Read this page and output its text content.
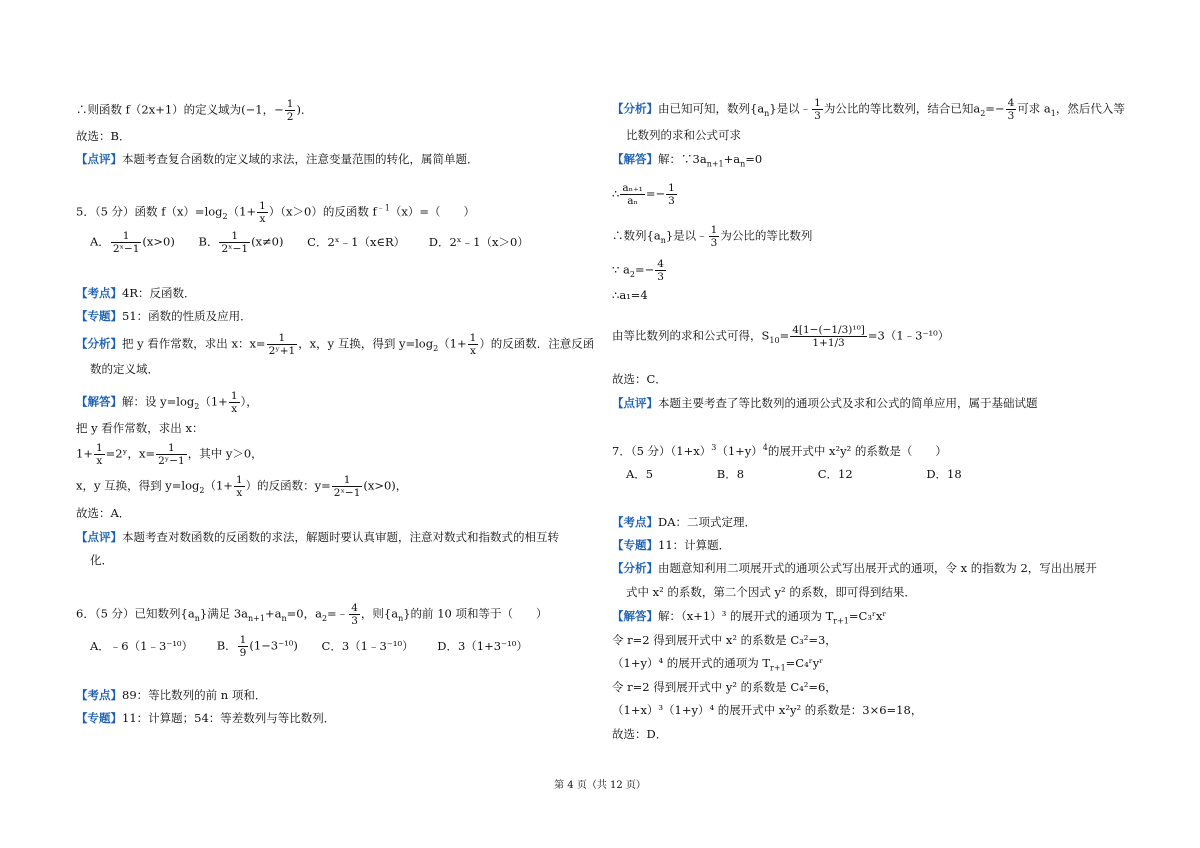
∴则函数 f（2x+1）的定义域为(−1，− $\frac{1}{2}$ )．
故选：B．
【点评】本题考查复合函数的定义域的求法，注意变量范围的转化，属简单题．
5．（5 分）函数 $f(x)=\log_2(1+ \frac{1}{x} )(x>0)$的反函数 $f^{﹣1}(x)=$（　　）
A． $\frac{1}{\text{2ˣ−1}} (x>0)$ B． $\frac{1}{\text{2ˣ−1}} (x\ne 0)$ C．2ˣ﹣1（x∈R） D．2ˣ﹣1（x＞0）
【考点】4R：反函数．
【专题】51：函数的性质及应用．
【分析】把 y 看作常数，求出 x：$x= \frac{1}{\text{2ʸ+1}}$ ，x，y 互换，得到 $y=\log_2(1+ \frac{1}{x}$ ）的反函数．注意反函
数的定义域．
【解答】解：设 $y=\log_2(1+ \frac{1}{x}$ ），
把 y 看作常数，求出 x：
$1+ \frac{1}{x}$ =2ʸ，$x= \frac{1}{\text{2ʸ−1}}$ ，其中 y＞0，
x，y 互换，得到 $y=\log_2(1+ \frac{1}{x}$ ）的反函数：$y= \frac{1}{\text{2ˣ−1}} (x>0)$，
故选：A．
【点评】本题考查对数函数的反函数的求法，解题时要认真审题，注意对数式和指数式的相互转
化．
6．（5 分）已知数列$\{a_n\}$满足 $3a_{n+1}+a_n=0$，$a_2=﹣ \frac{4}{3}$ ，则$\{a_n\}$的前 10 项和等于（　　）
A．﹣6（1﹣3⁻¹⁰） B． $\frac{1}{9} (1-3^{-10})$ C．3（1﹣3⁻¹⁰） D．3（1+3⁻¹⁰）
【考点】89：等比数列的前 n 项和．
【专题】11：计算题；54：等差数列与等比数列．
【分析】由已知可知，数列$\{a_n\}$是以﹣ $\frac{1}{3}$ 为公比的等比数列，结合已知$a_2=- \frac{4}{3}$ 可求 $a_1$，然后代入等
比数列的求和公式可求
【解答】解：$\because 3a_{n+1}+a_n=0$
∴ $\frac{\text{aₙ₊₁}}{\text{aₙ}} =- \frac{1}{3}$
∴数列$\{a_n\}$是以﹣ $\frac{1}{3}$ 为公比的等比数列
∵ $a_2=- \frac{4}{3}$
∴a₁=4
由等比数列的求和公式可得，$S_{10}= \frac{\text{4[1−(−1/3)¹⁰]}}{1+1/3}$ =3（1﹣3⁻¹⁰）
故选：C．
【点评】本题主要考查了等比数列的通项公式及求和公式的简单应用，属于基础试题
7．（5 分）$(1+x)^3(1+y)^4$的展开式中 x²y² 的系数是（　　）
A．5	B．8	C．12	D．18
【考点】DA：二项式定理．
【专题】11：计算题．
【分析】由题意知利用二项展开式的通项公式写出展开式的通项，令 x 的指数为 2，写出出展开
式中 x² 的系数，第二个因式 y² 的系数，即可得到结果．
【解答】解：（x+1）³ 的展开式的通项为 $T_{r+1}=C_3ʳxʳ$
令 r=2 得到展开式中 x² 的系数是 C₃²=3，
（1+y）⁴ 的展开式的通项为 $T_{r+1}=C_4ʳyʳ$
令 r=2 得到展开式中 y² 的系数是 C₄²=6，
（1+x）³（1+y）⁴ 的展开式中 x²y² 的系数是：3×6=18，
故选：D．
第 4 页（共 12 页）
